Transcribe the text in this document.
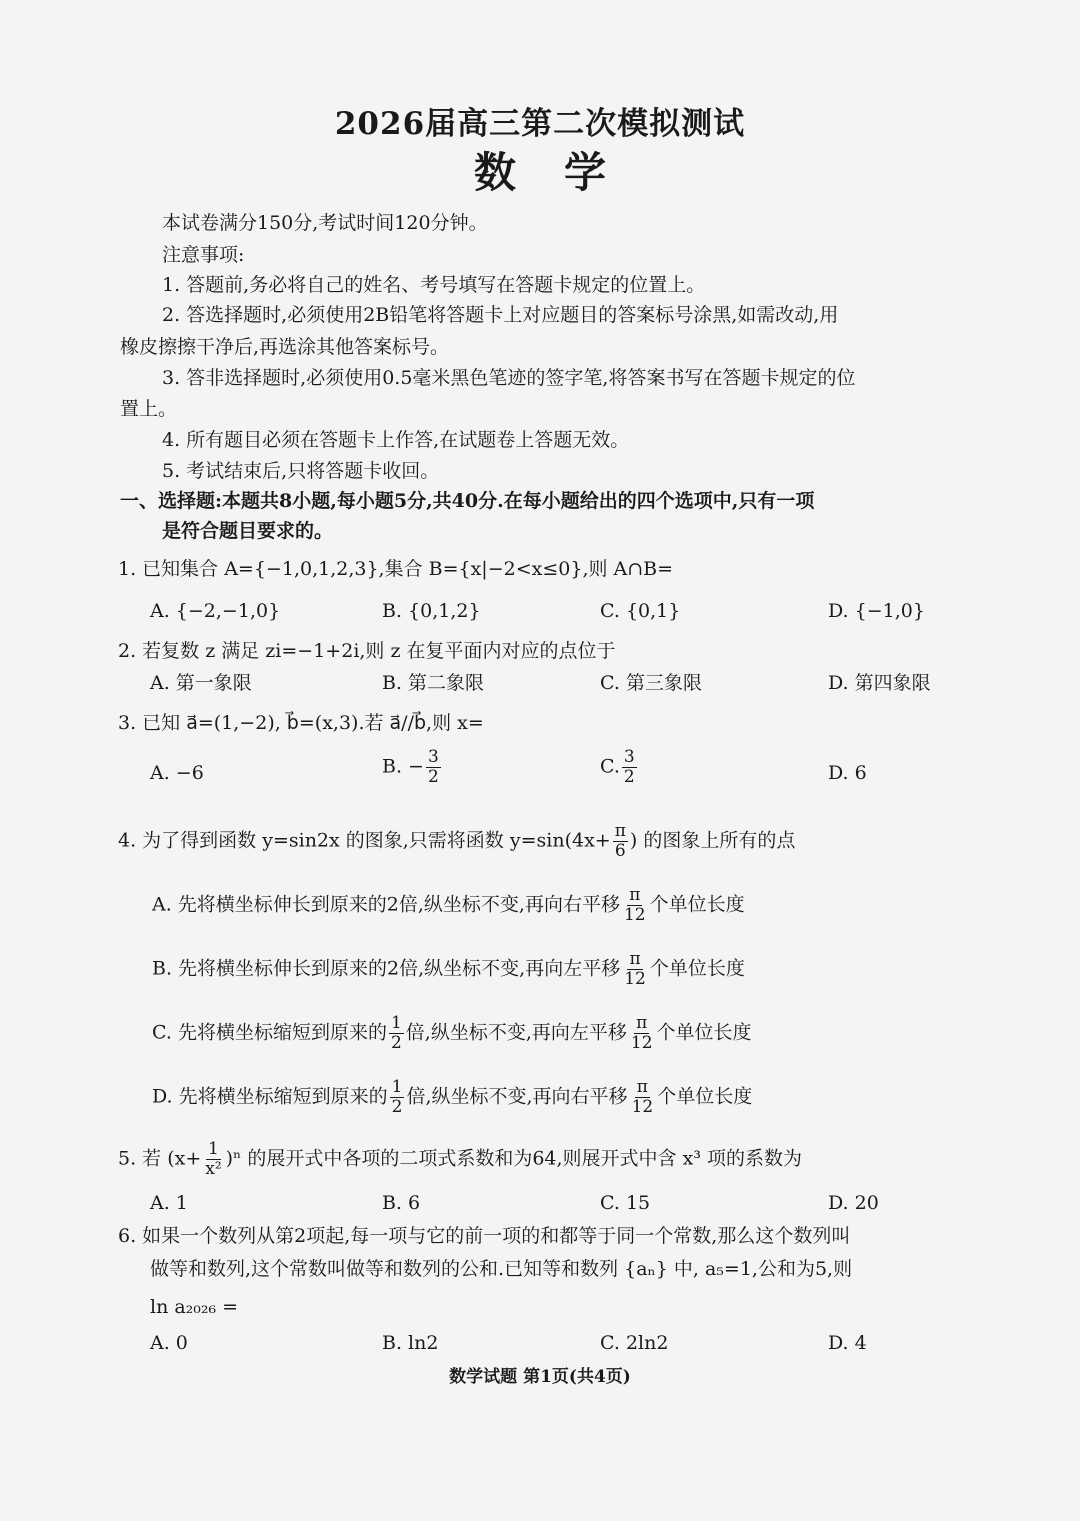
2026届高三第二次模拟测试
数学
本试卷满分150分,考试时间120分钟。
注意事项:
1. 答题前,务必将自己的姓名、考号填写在答题卡规定的位置上。
2. 答选择题时,必须使用2B铅笔将答题卡上对应题目的答案标号涂黑,如需改动,用
橡皮擦擦干净后,再选涂其他答案标号。
3. 答非选择题时,必须使用0.5毫米黑色笔迹的签字笔,将答案书写在答题卡规定的位
置上。
4. 所有题目必须在答题卡上作答,在试题卷上答题无效。
5. 考试结束后,只将答题卡收回。
一、选择题:本题共8小题,每小题5分,共40分.在每小题给出的四个选项中,只有一项
是符合题目要求的。
1. 已知集合 A={−1,0,1,2,3},集合 B={x|−2<x≤0},则 A∩B=
A. {−2,−1,0}	B. {0,1,2}	C. {0,1}	D. {−1,0}
2. 若复数 z 满足 zi=−1+2i,则 z 在复平面内对应的点位于
A. 第一象限	B. 第二象限	C. 第三象限	D. 第四象限
3. 已知 a⃗=(1,−2), b⃗=(x,3).若 a⃗//b⃗,则 x=
A. −6	B. − $\frac{3}{2}$	C. $\frac{3}{2}$	D. 6
4. 为了得到函数 y=sin2x 的图象,只需将函数 $y=\sin(4x+ \frac{\pi}{6}$ ) 的图象上所有的点
A. 先将横坐标伸长到原来的2倍,纵坐标不变,再向右平移 $\frac{\pi}{12}$ 个单位长度
B. 先将横坐标伸长到原来的2倍,纵坐标不变,再向左平移 $\frac{\pi}{12}$ 个单位长度
C. 先将横坐标缩短到原来的 $\frac{1}{2}$ 倍,纵坐标不变,再向左平移 $\frac{\pi}{12}$ 个单位长度
D. 先将横坐标缩短到原来的 $\frac{1}{2}$ 倍,纵坐标不变,再向右平移 $\frac{\pi}{12}$ 个单位长度
5. 若 $(x+ \frac{1}{\text{x²}} )^n$ 的展开式中各项的二项式系数和为64,则展开式中含 x³ 项的系数为
A. 1	B. 6	C. 15	D. 20
6. 如果一个数列从第2项起,每一项与它的前一项的和都等于同一个常数,那么这个数列叫
做等和数列,这个常数叫做等和数列的公和.已知等和数列 {aₙ} 中, a₅=1,公和为5,则
ln a₂₀₂₆ =
A. 0	B. ln2	C. 2ln2	D. 4
数学试题 第1页(共4页)
